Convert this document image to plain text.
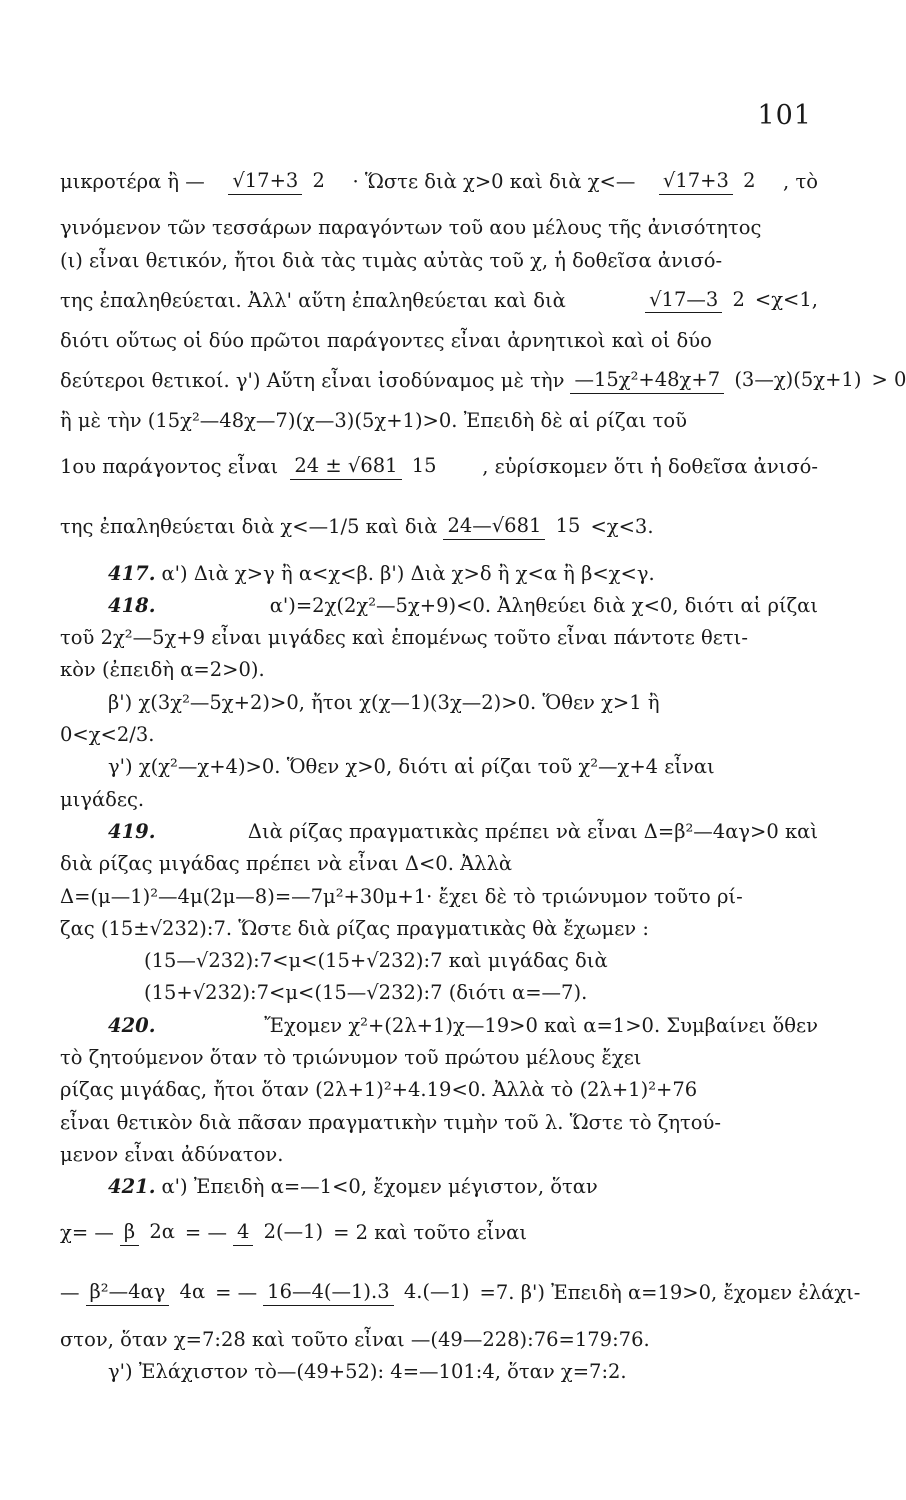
101
μικροτέρα ἢ — √17+3 2 · Ὥστε διὰ χ>0 καὶ διὰ χ<— √17+3 2 , τὸ
γινόμενον τῶν τεσσάρων παραγόντων τοῦ αου μέλους τῆς ἀνισότητος
(ι) εἶναι θετικόν, ἤτοι διὰ τὰς τιμὰς αὐτὰς τοῦ χ, ἡ δοθεῖσα ἀνισό-
της ἐπαληθεύεται. Ἀλλ' αὕτη ἐπαληθεύεται καὶ διὰ	√17—3 2 <χ<1,
διότι οὕτως οἱ δύο πρῶτοι παράγοντες εἶναι ἀρνητικοὶ καὶ οἱ δύο
δεύτεροι θετικοί. γ') Αὕτη εἶναι ἰσοδύναμος μὲ τὴν —15χ²+48χ+7 (3—χ)(5χ+1) > 0
ἢ μὲ τὴν (15χ²—48χ—7)(χ—3)(5χ+1)>0. Ἐπειδὴ δὲ αἱ ρίζαι τοῦ
1ου παράγοντος εἶναι 24 ± √681 15	, εὑρίσκομεν ὅτι ἡ δοθεῖσα ἀνισό-
της ἐπαληθεύεται διὰ χ<—1/5 καὶ διὰ 24—√681 15 <χ<3.
417. α') Διὰ χ>γ ἢ α<χ<β. β') Διὰ χ>δ ἢ χ<α ἢ β<χ<γ.
418.	α')=2χ(2χ²—5χ+9)<0. Ἀληθεύει διὰ χ<0, διότι αἱ ρίζαι
τοῦ 2χ²—5χ+9 εἶναι μιγάδες καὶ ἑπομένως τοῦτο εἶναι πάντοτε θετι-
κὸν (ἐπειδὴ α=2>0).
β') χ(3χ²—5χ+2)>0, ἤτοι χ(χ—1)(3χ—2)>0. Ὅθεν χ>1 ἢ
0<χ<2/3.
γ') χ(χ²—χ+4)>0. Ὅθεν χ>0, διότι αἱ ρίζαι τοῦ χ²—χ+4 εἶναι
μιγάδες.
419.	Διὰ ρίζας πραγματικὰς πρέπει νὰ εἶναι Δ=β²—4αγ>0 καὶ
διὰ ρίζας μιγάδας πρέπει νὰ εἶναι Δ<0. Ἀλλὰ
Δ=(μ—1)²—4μ(2μ—8)=—7μ²+30μ+1· ἔχει δὲ τὸ τριώνυμον τοῦτο ρί-
ζας (15±√232):7. Ὥστε διὰ ρίζας πραγματικὰς θὰ ἔχωμεν :
(15—√232):7<μ<(15+√232):7 καὶ μιγάδας διὰ
(15+√232):7<μ<(15—√232):7 (διότι α=—7).
420.	Ἔχομεν χ²+(2λ+1)χ—19>0 καὶ α=1>0. Συμβαίνει ὅθεν
τὸ ζητούμενον ὅταν τὸ τριώνυμον τοῦ πρώτου μέλους ἔχει
ρίζας μιγάδας, ἤτοι ὅταν (2λ+1)²+4.19<0. Ἀλλὰ τὸ (2λ+1)²+76
εἶναι θετικὸν διὰ πᾶσαν πραγματικὴν τιμὴν τοῦ λ. Ὥστε τὸ ζητού-
μενον εἶναι ἀδύνατον.
421. α') Ἐπειδὴ α=—1<0, ἔχομεν μέγιστον, ὅταν
χ= — β 2α = — 4 2(—1) = 2 καὶ τοῦτο εἶναι
— β²—4αγ 4α = — 16—4(—1).3 4.(—1) =7. β') Ἐπειδὴ α=19>0, ἔχομεν ἐλάχι-
στον, ὅταν χ=7:28 καὶ τοῦτο εἶναι —(49—228):76=179:76.
γ') Ἐλάχιστον τὸ—(49+52): 4=—101:4, ὅταν χ=7:2.
